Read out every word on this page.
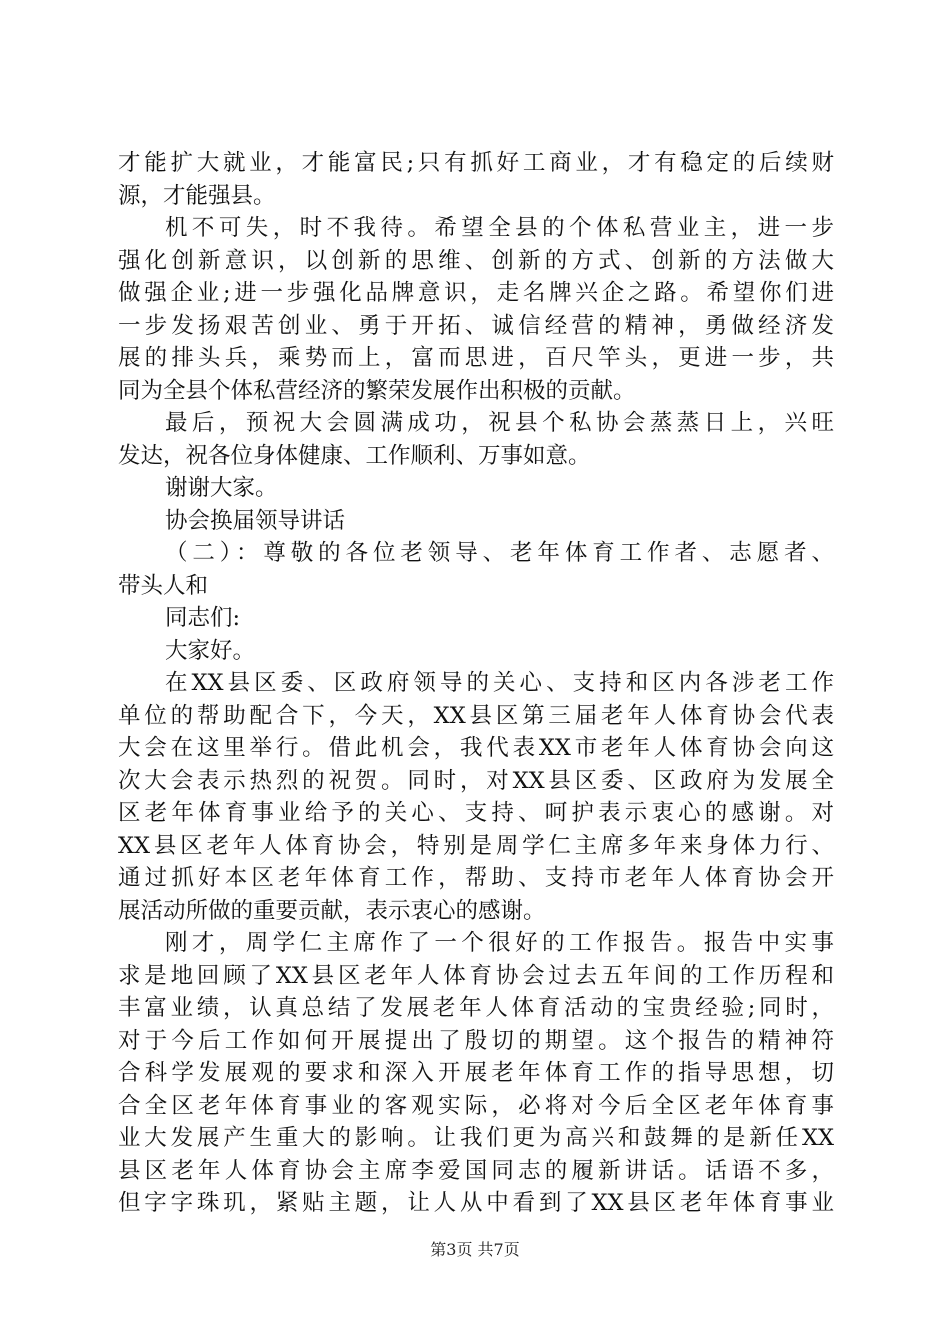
才能扩大就业，才能富民;只有抓好工商业，才有稳定的后续财
源，才能强县。
机不可失，时不我待。希望全县的个体私营业主，进一步
强化创新意识，以创新的思维、创新的方式、创新的方法做大
做强企业;进一步强化品牌意识，走名牌兴企之路。希望你们进
一步发扬艰苦创业、勇于开拓、诚信经营的精神，勇做经济发
展的排头兵，乘势而上，富而思进，百尺竿头，更进一步，共
同为全县个体私营经济的繁荣发展作出积极的贡献。
最后，预祝大会圆满成功，祝县个私协会蒸蒸日上，兴旺
发达，祝各位身体健康、工作顺利、万事如意。
谢谢大家。
协会换届领导讲话
（二）：尊敬的各位老领导、老年体育工作者、志愿者、
带头人和
同志们:
大家好。
在XX县区委、区政府领导的关心、支持和区内各涉老工作
单位的帮助配合下，今天，XX县区第三届老年人体育协会代表
大会在这里举行。借此机会，我代表XX市老年人体育协会向这
次大会表示热烈的祝贺。同时，对XX县区委、区政府为发展全
区老年体育事业给予的关心、支持、呵护表示衷心的感谢。对
XX县区老年人体育协会，特别是周学仁主席多年来身体力行、
通过抓好本区老年体育工作，帮助、支持市老年人体育协会开
展活动所做的重要贡献，表示衷心的感谢。
刚才，周学仁主席作了一个很好的工作报告。报告中实事
求是地回顾了XX县区老年人体育协会过去五年间的工作历程和
丰富业绩，认真总结了发展老年人体育活动的宝贵经验;同时，
对于今后工作如何开展提出了殷切的期望。这个报告的精神符
合科学发展观的要求和深入开展老年体育工作的指导思想，切
合全区老年体育事业的客观实际，必将对今后全区老年体育事
业大发展产生重大的影响。让我们更为高兴和鼓舞的是新任XX
县区老年人体育协会主席李爱国同志的履新讲话。话语不多，
但字字珠玑，紧贴主题，让人从中看到了XX县区老年体育事业
第3页 共7页
